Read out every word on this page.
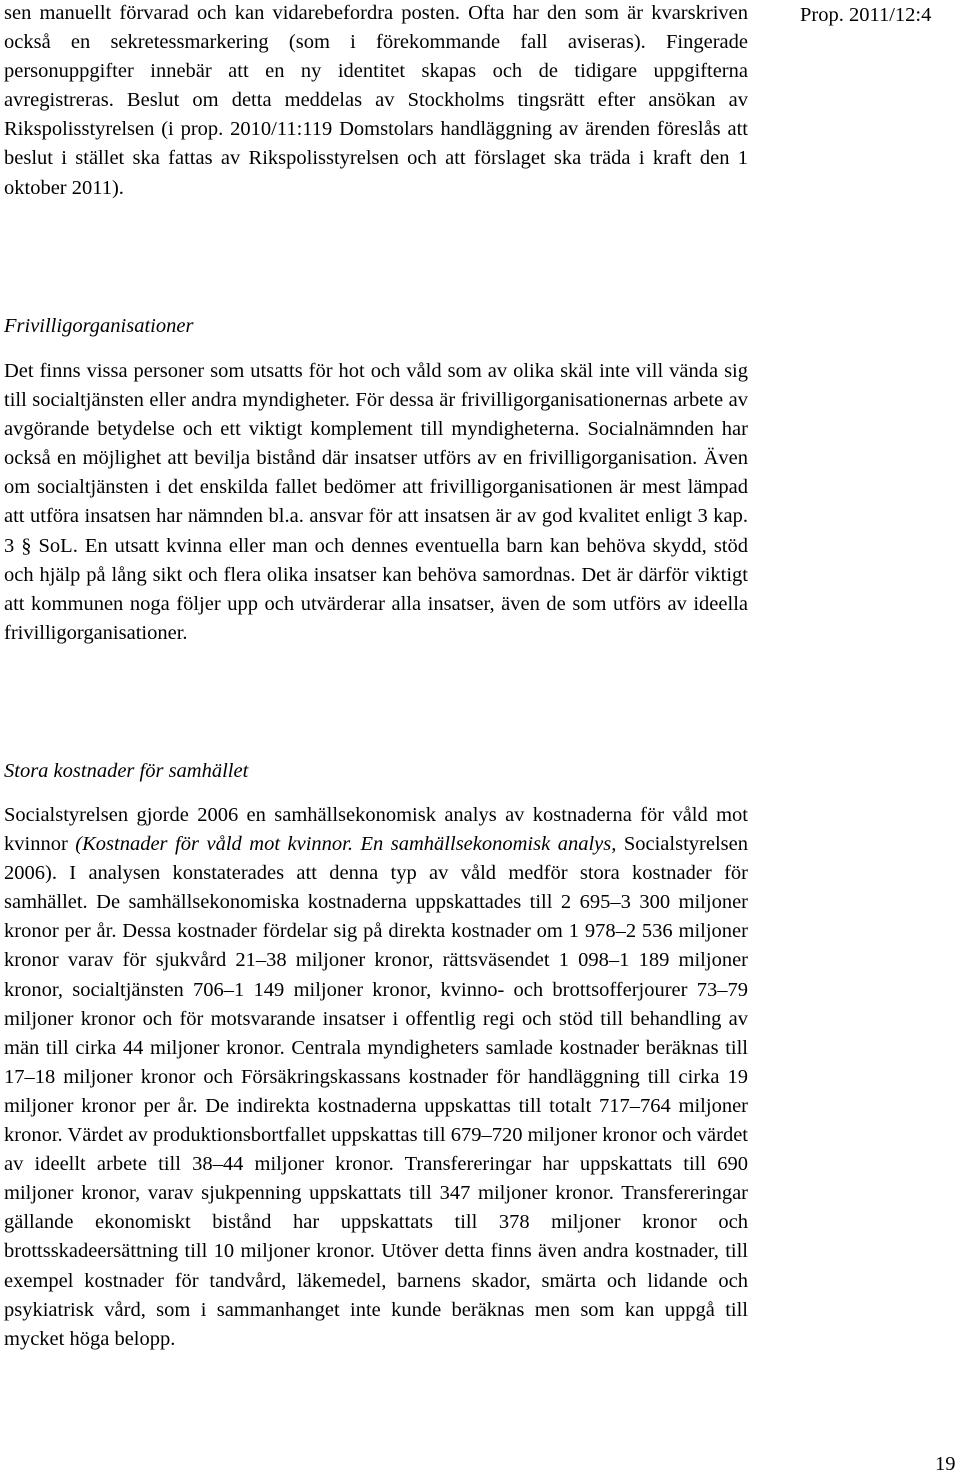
Prop. 2011/12:4

sen manuellt förvarad och kan vidarebefordra posten. Ofta har den som är kvarskriven också en sekretessmarkering (som i förekommande fall aviseras). Fingerade personuppgifter innebär att en ny identitet skapas och de tidigare uppgifterna avregistreras. Beslut om detta meddelas av Stockholms tingsrätt efter ansökan av Rikspolisstyrelsen (i prop. 2010/11:119 Domstolars handläggning av ärenden föreslås att beslut i stället ska fattas av Rikspolisstyrelsen och att förslaget ska träda i kraft den 1 oktober 2011).

Frivilligorganisationer

Det finns vissa personer som utsatts för hot och våld som av olika skäl inte vill vända sig till socialtjänsten eller andra myndigheter. För dessa är frivilligorganisationernas arbete av avgörande betydelse och ett viktigt komplement till myndigheterna. Socialnämnden har också en möjlighet att bevilja bistånd där insatser utförs av en frivilligorganisation. Även om socialtjänsten i det enskilda fallet bedömer att frivilligorganisationen är mest lämpad att utföra insatsen har nämnden bl.a. ansvar för att insatsen är av god kvalitet enligt 3 kap. 3 § SoL. En utsatt kvinna eller man och dennes eventuella barn kan behöva skydd, stöd och hjälp på lång sikt och flera olika insatser kan behöva samordnas. Det är därför viktigt att kommunen noga följer upp och utvärderar alla insatser, även de som utförs av ideella frivilligorganisationer.

Stora kostnader för samhället

Socialstyrelsen gjorde 2006 en samhällsekonomisk analys av kostnaderna för våld mot kvinnor (Kostnader för våld mot kvinnor. En samhällsekonomisk analys, Socialstyrelsen 2006). I analysen konstaterades att denna typ av våld medför stora kostnader för samhället. De samhällsekonomiska kostnaderna uppskattades till 2 695–3 300 miljoner kronor per år. Dessa kostnader fördelar sig på direkta kostnader om 1 978–2 536 miljoner kronor varav för sjukvård 21–38 miljoner kronor, rättsväsendet 1 098–1 189 miljoner kronor, socialtjänsten 706–1 149 miljoner kronor, kvinno- och brottsofferjourer 73–79 miljoner kronor och för motsvarande insatser i offentlig regi och stöd till behandling av män till cirka 44 miljoner kronor. Centrala myndigheters samlade kostnader beräknas till 17–18 miljoner kronor och Försäkringskassans kostnader för handläggning till cirka 19 miljoner kronor per år. De indirekta kostnaderna uppskattas till totalt 717–764 miljoner kronor. Värdet av produktionsbortfallet uppskattas till 679–720 miljoner kronor och värdet av ideellt arbete till 38–44 miljoner kronor. Transfereringar har uppskattats till 690 miljoner kronor, varav sjukpenning uppskattats till 347 miljoner kronor. Transfereringar gällande ekonomiskt bistånd har uppskattats till 378 miljoner kronor och brottsskadeersättning till 10 miljoner kronor. Utöver detta finns även andra kostnader, till exempel kostnader för tandvård, läkemedel, barnens skador, smärta och lidande och psykiatrisk vård, som i sammanhanget inte kunde beräknas men som kan uppgå till mycket höga belopp.

19
